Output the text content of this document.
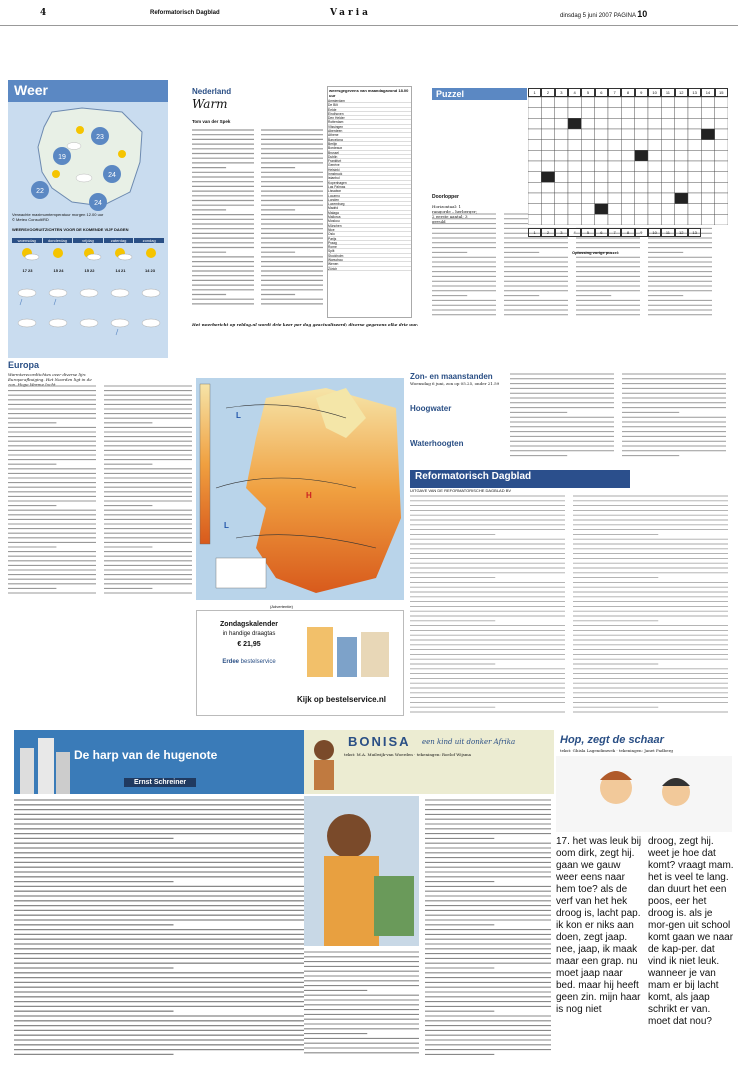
4	Reformatorisch Dagblad	Varia	dinsdag 5 juni 2007 PAGINA 10
Weer
23
19
24
22
24
Verwachte maximumtemperatuur morgen 12.00 uur
© Meteo Consult/RD
WEERSVOORUITZICHTEN VOOR DE KOMENDE VIJF DAGEN
woensdag	donderdag	vrijdag	zaterdag	zondag
17 23	15 24	15 22	14 21	14 23
Nederland
Warm
Tom van der Spek
Het weerbericht op reldag.nl wordt drie keer per dag geactualiseerd; diverse gegevens elke drie uur.
weersgegevens van maandagavond 18.00 uur
Amsterdam
De Bilt
Eelde
Eindhoven
Den Helder
Rotterdam
Vlissingen
Aberdeen
Athene
Barcelona
Berlijn
Bordeaux
Brussel
Dublin
Frankfurt
Genève
Helsinki
Innsbruck
Istanbul
Kopenhagen
Las Palmas
Lissabon
Locarno
Londen
Luxemburg
Madrid
Malaga
Mallorca
Moskou
München
Nice
Oslo
Parijs
Praag
Rome
Split
Stockholm
Warschau
Wenen
Zürich
Puzzel
Doorlopper
Horizontaal: 1 rangorde – herberger; 2 eerste aantal; 3 gevuld
Oplossing vorige puzzel:
1	2	3	4	5	6	7	8	9	10	11	12	13	14	15
1	2	3	4	5	6	7	8	9	10	11	12	13
Europa
Warmterecordtichtes over diverse lijn: Europa-afbuiging. Het Noorden ligt in de zon, Hoge Warme lucht.
H
L
L
Zon- en maanstanden
Woensdag 6 juni, zon op 05.25, onder 21.59
Hoogwater
Waterhoogten
Reformatorisch Dagblad
UITGAVE VAN DE REFORMATORISCHE DAGBLAD BV
(Advertentie)
Zondagskalender
in handige draagtas
€ 21,95
Erdee bestelservice
Kijk op bestelservice.nl
De harp van de hugenote
Ernst Schreiner
BONISA een kind uit donker Afrika
tekst: M.A. Muilwijk-van Woerden · tekeningen: Roelof Wijsma
Hop, zegt de schaar
tekst: Ghisla Lagendimwek · tekeningen: Janet Padberg
17. het was leuk bij oom dirk, zegt hij. gaan we gauw weer eens naar hem toe? als de verf van het hek droog is, lacht pap. ik kon er niks aan doen, zegt jaap. nee, jaap, ik maak maar een grap. nu moet jaap naar bed. maar hij heeft geen zin. mijn haar is nog niet
droog, zegt hij. weet je hoe dat komt? vraagt mam. het is veel te lang. dan duurt het een poos, eer het droog is. als je mor-gen uit school komt gaan we naar de kap-per. dat vind ik niet leuk. wanneer je van mam er bij lacht komt, als jaap schrikt er van. moet dat nou?
